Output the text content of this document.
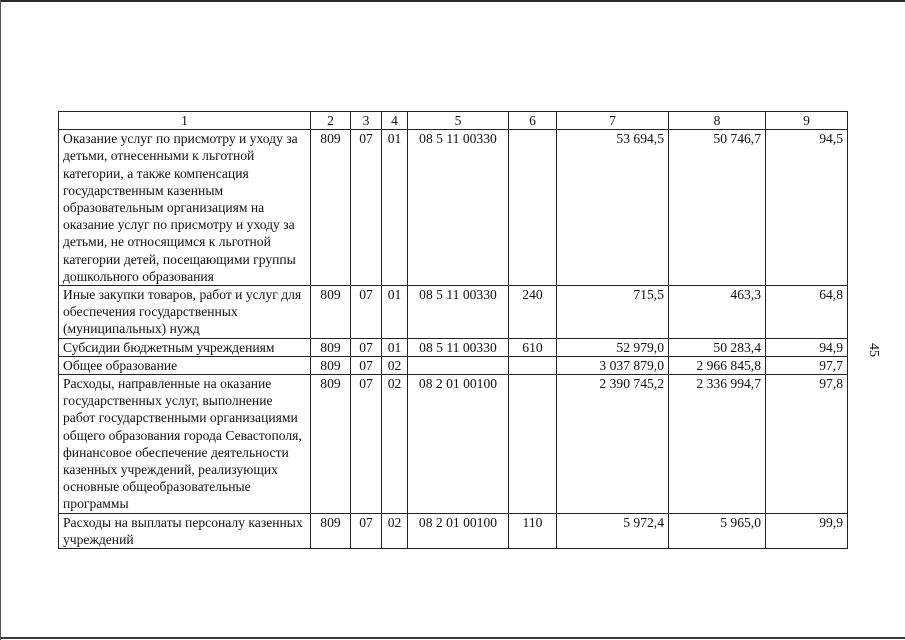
45
1	2	3	4	5	6	7	8	9
Оказание услуг по присмотру и уходу за детьми, отнесенными к льготной категории, а также компенсация государственным казенным образовательным организациям на оказание услуг по присмотру и уходу за детьми, не относящимся к льготной категории детей, посещающими группы дошкольного образования	809	07	01	08 5 11 00330		53 694,5	50 746,7	94,5
Иные закупки товаров, работ и услуг для обеспечения государственных (муниципальных) нужд	809	07	01	08 5 11 00330	240	715,5	463,3	64,8
Субсидии бюджетным учреждениям	809	07	01	08 5 11 00330	610	52 979,0	50 283,4	94,9
Общее образование	809	07	02			3 037 879,0	2 966 845,8	97,7
Расходы, направленные на оказание государственных услуг, выполнение работ государственными организациями общего образования города Севастополя, финансовое обеспечение деятельности казенных учреждений, реализующих основные общеобразовательные программы	809	07	02	08 2 01 00100		2 390 745,2	2 336 994,7	97,8
Расходы на выплаты персоналу казенных учреждений	809	07	02	08 2 01 00100	110	5 972,4	5 965,0	99,9
